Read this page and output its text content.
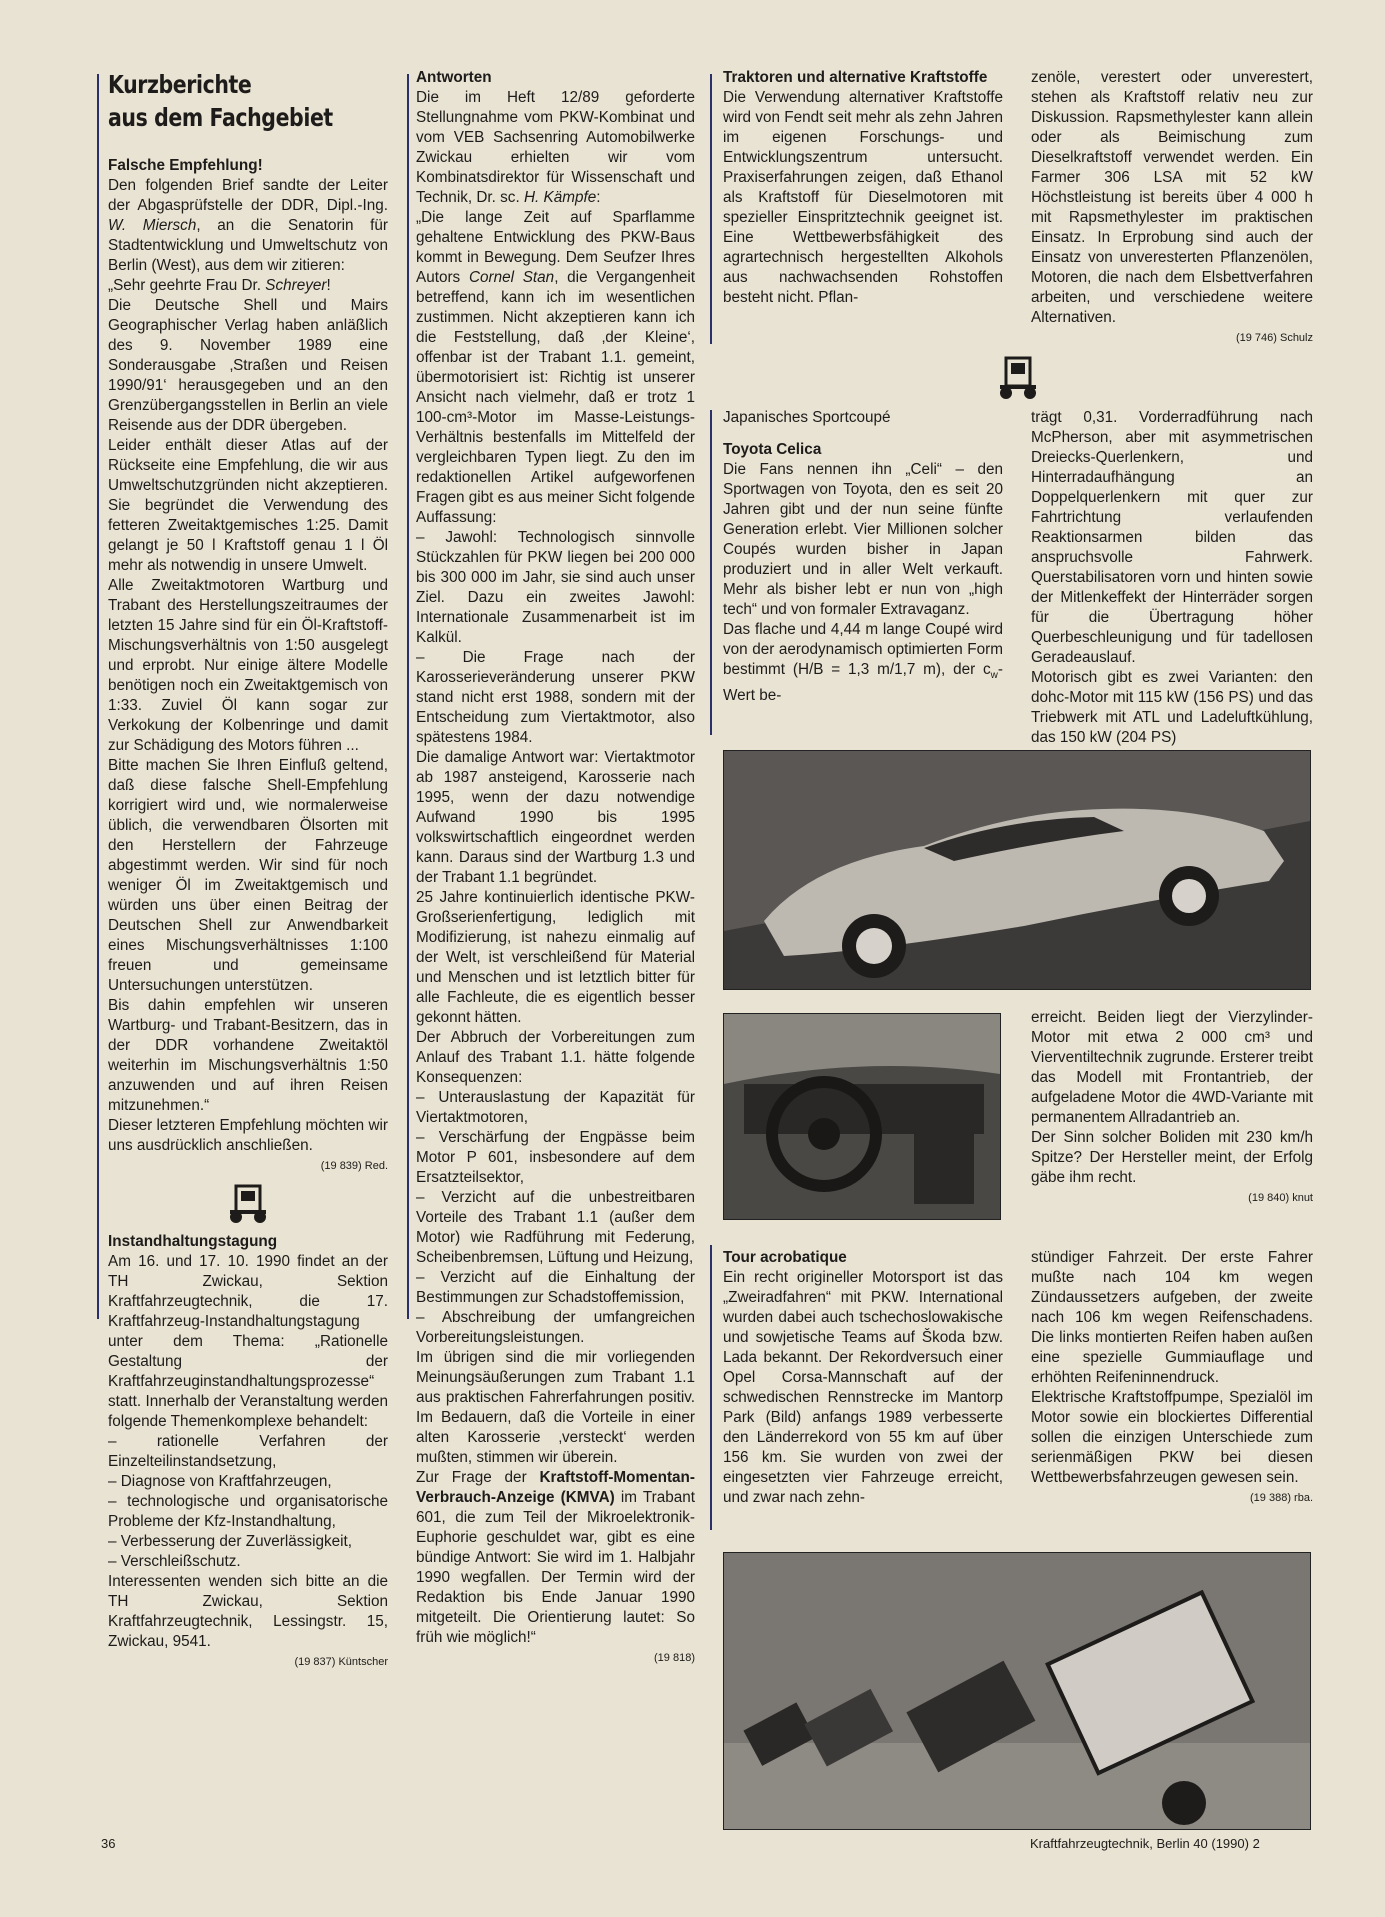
Kurzberichte
aus dem Fachgebiet

Falsche Empfehlung!

Den folgenden Brief sandte der Leiter der Abgasprüfstelle der DDR, Dipl.-Ing. W. Miersch, an die Senatorin für Stadtentwicklung und Umweltschutz von Berlin (West), aus dem wir zitieren:

„Sehr geehrte Frau Dr. Schreyer!

Die Deutsche Shell und Mairs Geographischer Verlag haben anläßlich des 9. November 1989 eine Sonderausgabe ‚Straßen und Reisen 1990/91‘ herausgegeben und an den Grenzübergangsstellen in Berlin an viele Reisende aus der DDR übergeben.

Leider enthält dieser Atlas auf der Rückseite eine Empfehlung, die wir aus Umweltschutzgründen nicht akzeptieren. Sie begründet die Verwendung des fetteren Zweitaktgemisches 1:25. Damit gelangt je 50 l Kraftstoff genau 1 l Öl mehr als notwendig in unsere Umwelt.

Alle Zweitaktmotoren Wartburg und Trabant des Herstellungszeitraumes der letzten 15 Jahre sind für ein Öl-Kraftstoff-Mischungsverhältnis von 1:50 ausgelegt und erprobt. Nur einige ältere Modelle benötigen noch ein Zweitaktgemisch von 1:33. Zuviel Öl kann sogar zur Verkokung der Kolbenringe und damit zur Schädigung des Motors führen ...

Bitte machen Sie Ihren Einfluß geltend, daß diese falsche Shell-Empfehlung korrigiert wird und, wie normalerweise üblich, die verwendbaren Ölsorten mit den Herstellern der Fahrzeuge abgestimmt werden. Wir sind für noch weniger Öl im Zweitaktgemisch und würden uns über einen Beitrag der Deutschen Shell zur Anwendbarkeit eines Mischungsverhältnisses 1:100 freuen und gemeinsame Untersuchungen unterstützen.

Bis dahin empfehlen wir unseren Wartburg- und Trabant-Besitzern, das in der DDR vorhandene Zweitaktöl weiterhin im Mischungsverhältnis 1:50 anzuwenden und auf ihren Reisen mitzunehmen.“

Dieser letzteren Empfehlung möchten wir uns ausdrücklich anschließen.

(19 839) Red.

Instandhaltungstagung

Am 16. und 17. 10. 1990 findet an der TH Zwickau, Sektion Kraftfahrzeugtechnik, die 17. Kraftfahrzeug-Instandhaltungstagung unter dem Thema: „Rationelle Gestaltung der Kraftfahrzeuginstandhaltungsprozesse“ statt. Innerhalb der Veranstaltung werden folgende Themenkomplexe behandelt:

– rationelle Verfahren der Einzelteilinstandsetzung,

– Diagnose von Kraftfahrzeugen,

– technologische und organisatorische Probleme der Kfz-Instandhaltung,

– Verbesserung der Zuverlässigkeit,

– Verschleißschutz.

Interessenten wenden sich bitte an die TH Zwickau, Sektion Kraftfahrzeugtechnik, Lessingstr. 15, Zwickau, 9541.

(19 837) Küntscher

Antworten

Die im Heft 12/89 geforderte Stellungnahme vom PKW-Kombinat und vom VEB Sachsenring Automobilwerke Zwickau erhielten wir vom Kombinatsdirektor für Wissenschaft und Technik, Dr. sc. H. Kämpfe:

„Die lange Zeit auf Sparflamme gehaltene Entwicklung des PKW-Baus kommt in Bewegung. Dem Seufzer Ihres Autors Cornel Stan, die Vergangenheit betreffend, kann ich im wesentlichen zustimmen. Nicht akzeptieren kann ich die Feststellung, daß ‚der Kleine‘, offenbar ist der Trabant 1.1. gemeint, übermotorisiert ist: Richtig ist unserer Ansicht nach vielmehr, daß er trotz 1 100-cm³-Motor im Masse-Leistungs-Verhältnis bestenfalls im Mittelfeld der vergleichbaren Typen liegt. Zu den im redaktionellen Artikel aufgeworfenen Fragen gibt es aus meiner Sicht folgende Auffassung:

– Jawohl: Technologisch sinnvolle Stückzahlen für PKW liegen bei 200 000 bis 300 000 im Jahr, sie sind auch unser Ziel. Dazu ein zweites Jawohl: Internationale Zusammenarbeit ist im Kalkül.

– Die Frage nach der Karosserieveränderung unserer PKW stand nicht erst 1988, sondern mit der Entscheidung zum Viertaktmotor, also spätestens 1984.

Die damalige Antwort war: Viertaktmotor ab 1987 ansteigend, Karosserie nach 1995, wenn der dazu notwendige Aufwand 1990 bis 1995 volkswirtschaftlich eingeordnet werden kann. Daraus sind der Wartburg 1.3 und der Trabant 1.1 begründet.

25 Jahre kontinuierlich identische PKW-Großserienfertigung, lediglich mit Modifizierung, ist nahezu einmalig auf der Welt, ist verschleißend für Material und Menschen und ist letztlich bitter für alle Fachleute, die es eigentlich besser gekonnt hätten.

Der Abbruch der Vorbereitungen zum Anlauf des Trabant 1.1. hätte folgende Konsequenzen:

– Unterauslastung der Kapazität für Viertaktmotoren,

– Verschärfung der Engpässe beim Motor P 601, insbesondere auf dem Ersatzteilsektor,

– Verzicht auf die unbestreitbaren Vorteile des Trabant 1.1 (außer dem Motor) wie Radführung mit Federung, Scheibenbremsen, Lüftung und Heizung,

– Verzicht auf die Einhaltung der Bestimmungen zur Schadstoffemission,

– Abschreibung der umfangreichen Vorbereitungsleistungen.

Im übrigen sind die mir vorliegenden Meinungsäußerungen zum Trabant 1.1 aus praktischen Fahrerfahrungen positiv. Im Bedauern, daß die Vorteile in einer alten Karosserie ‚versteckt‘ werden mußten, stimmen wir überein.

Zur Frage der Kraftstoff-Momentan-Verbrauch-Anzeige (KMVA) im Trabant 601, die zum Teil der Mikroelektronik-Euphorie geschuldet war, gibt es eine bündige Antwort: Sie wird im 1. Halbjahr 1990 wegfallen. Der Termin wird der Redaktion bis Ende Januar 1990 mitgeteilt. Die Orientierung lautet: So früh wie möglich!“

(19 818)

Traktoren und alternative Kraftstoffe

Die Verwendung alternativer Kraftstoffe wird von Fendt seit mehr als zehn Jahren im eigenen Forschungs- und Entwicklungszentrum untersucht. Praxiserfahrungen zeigen, daß Ethanol als Kraftstoff für Dieselmotoren mit spezieller Einspritztechnik geeignet ist. Eine Wettbewerbsfähigkeit des agrartechnisch hergestellten Alkohols aus nachwachsenden Rohstoffen besteht nicht. Pflan-

zenöle, verestert oder unverestert, stehen als Kraftstoff relativ neu zur Diskussion. Rapsmethylester kann allein oder als Beimischung zum Dieselkraftstoff verwendet werden. Ein Farmer 306 LSA mit 52 kW Höchstleistung ist bereits über 4 000 h mit Rapsmethylester im praktischen Einsatz. In Erprobung sind auch der Einsatz von unveresterten Pflanzenölen, Motoren, die nach dem Elsbettverfahren arbeiten, und verschiedene weitere Alternativen.

(19 746) Schulz

Japanisches Sportcoupé

Toyota Celica

Die Fans nennen ihn „Celi“ – den Sportwagen von Toyota, den es seit 20 Jahren gibt und der nun seine fünfte Generation erlebt. Vier Millionen solcher Coupés wurden bisher in Japan produziert und in aller Welt verkauft. Mehr als bisher lebt er nun von „high tech“ und von formaler Extravaganz.

Das flache und 4,44 m lange Coupé wird von der aerodynamisch optimierten Form bestimmt (H/B = 1,3 m/1,7 m), der $c_w$-Wert be-

trägt 0,31. Vorderradführung nach McPherson, aber mit asymmetrischen Dreiecks-Querlenkern, und Hinterradaufhängung an Doppelquerlenkern mit quer zur Fahrtrichtung verlaufenden Reaktionsarmen bilden das anspruchsvolle Fahrwerk. Querstabilisatoren vorn und hinten sowie der Mitlenkeffekt der Hinterräder sorgen für die Übertragung höher Querbeschleunigung und für tadellosen Geradeauslauf.

Motorisch gibt es zwei Varianten: den dohc-Motor mit 115 kW (156 PS) und das Triebwerk mit ATL und Ladeluftkühlung, das 150 kW (204 PS)

erreicht. Beiden liegt der Vierzylinder-Motor mit etwa 2 000 cm³ und Vierventiltechnik zugrunde. Ersterer treibt das Modell mit Frontantrieb, der aufgeladene Motor die 4WD-Variante mit permanentem Allradantrieb an.

Der Sinn solcher Boliden mit 230 km/h Spitze? Der Hersteller meint, der Erfolg gäbe ihm recht.

(19 840) knut

Tour acrobatique

Ein recht origineller Motorsport ist das „Zweiradfahren“ mit PKW. International wurden dabei auch tschechoslowakische und sowjetische Teams auf Škoda bzw. Lada bekannt. Der Rekordversuch einer Opel Corsa-Mannschaft auf der schwedischen Rennstrecke im Mantorp Park (Bild) anfangs 1989 verbesserte den Länderrekord von 55 km auf über 156 km. Sie wurden von zwei der eingesetzten vier Fahrzeuge erreicht, und zwar nach zehn-

stündiger Fahrzeit. Der erste Fahrer mußte nach 104 km wegen Zündaussetzers aufgeben, der zweite nach 106 km wegen Reifenschadens. Die links montierten Reifen haben außen eine spezielle Gummiauflage und erhöhten Reifeninnendruck.

Elektrische Kraftstoffpumpe, Spezialöl im Motor sowie ein blockiertes Differential sollen die einzigen Unterschiede zum serienmäßigen PKW bei diesen Wettbewerbsfahrzeugen gewesen sein.

(19 388) rba.

36	Kraftfahrzeugtechnik, Berlin 40 (1990) 2
